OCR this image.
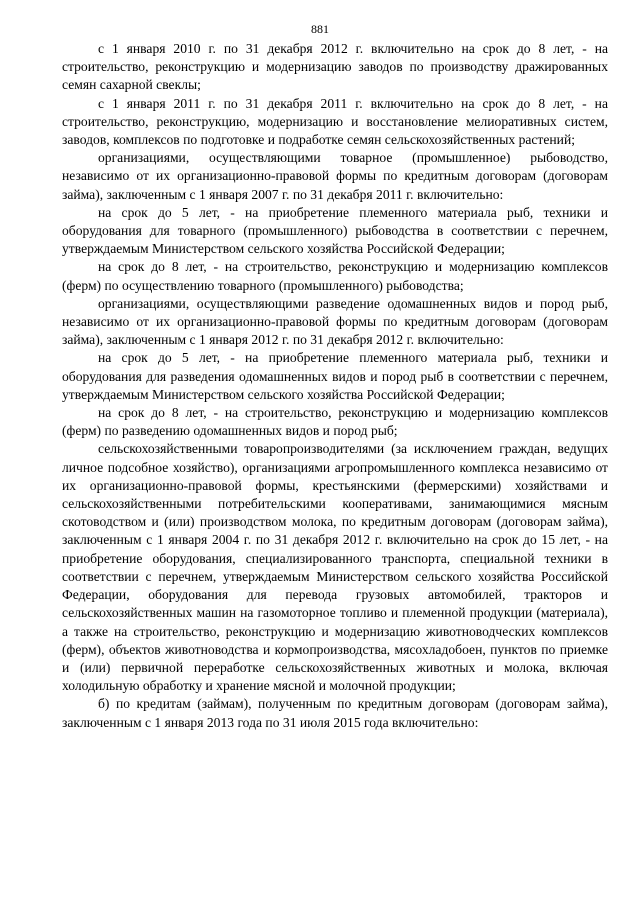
881

с 1 января 2010 г. по 31 декабря 2012 г. включительно на срок до 8 лет, - на строительство, реконструкцию и модернизацию заводов по производству дражированных семян сахарной свеклы;

с 1 января 2011 г. по 31 декабря 2011 г. включительно на срок до 8 лет, - на строительство, реконструкцию, модернизацию и восстановление мелиоративных систем, заводов, комплексов по подготовке и подработке семян сельскохозяйственных растений;

организациями, осуществляющими товарное (промышленное) рыбоводство, независимо от их организационно-правовой формы по кредитным договорам (договорам займа), заключенным с 1 января 2007 г. по 31 декабря 2011 г. включительно:

на срок до 5 лет, - на приобретение племенного материала рыб, техники и оборудования для товарного (промышленного) рыбоводства в соответствии с перечнем, утверждаемым Министерством сельского хозяйства Российской Федерации;

на срок до 8 лет, - на строительство, реконструкцию и модернизацию комплексов (ферм) по осуществлению товарного (промышленного) рыбоводства;

организациями, осуществляющими разведение одомашненных видов и пород рыб, независимо от их организационно-правовой формы по кредитным договорам (договорам займа), заключенным с 1 января 2012 г. по 31 декабря 2012 г. включительно:

на срок до 5 лет, - на приобретение племенного материала рыб, техники и оборудования для разведения одомашненных видов и пород рыб в соответствии с перечнем, утверждаемым Министерством сельского хозяйства Российской Федерации;

на срок до 8 лет, - на строительство, реконструкцию и модернизацию комплексов (ферм) по разведению одомашненных видов и пород рыб;

сельскохозяйственными товаропроизводителями (за исключением граждан, ведущих личное подсобное хозяйство), организациями агропромышленного комплекса независимо от их организационно-правовой формы, крестьянскими (фермерскими) хозяйствами и сельскохозяйственными потребительскими кооперативами, занимающимися мясным скотоводством и (или) производством молока, по кредитным договорам (договорам займа), заключенным с 1 января 2004 г. по 31 декабря 2012 г. включительно на срок до 15 лет, - на приобретение оборудования, специализированного транспорта, специальной техники в соответствии с перечнем, утверждаемым Министерством сельского хозяйства Российской Федерации, оборудования для перевода грузовых автомобилей, тракторов и сельскохозяйственных машин на газомоторное топливо и племенной продукции (материала), а также на строительство, реконструкцию и модернизацию животноводческих комплексов (ферм), объектов животноводства и кормопроизводства, мясохладобоен, пунктов по приемке и (или) первичной переработке сельскохозяйственных животных и молока, включая холодильную обработку и хранение мясной и молочной продукции;

б) по кредитам (займам), полученным по кредитным договорам (договорам займа), заключенным с 1 января 2013 года по 31 июля 2015 года включительно:
